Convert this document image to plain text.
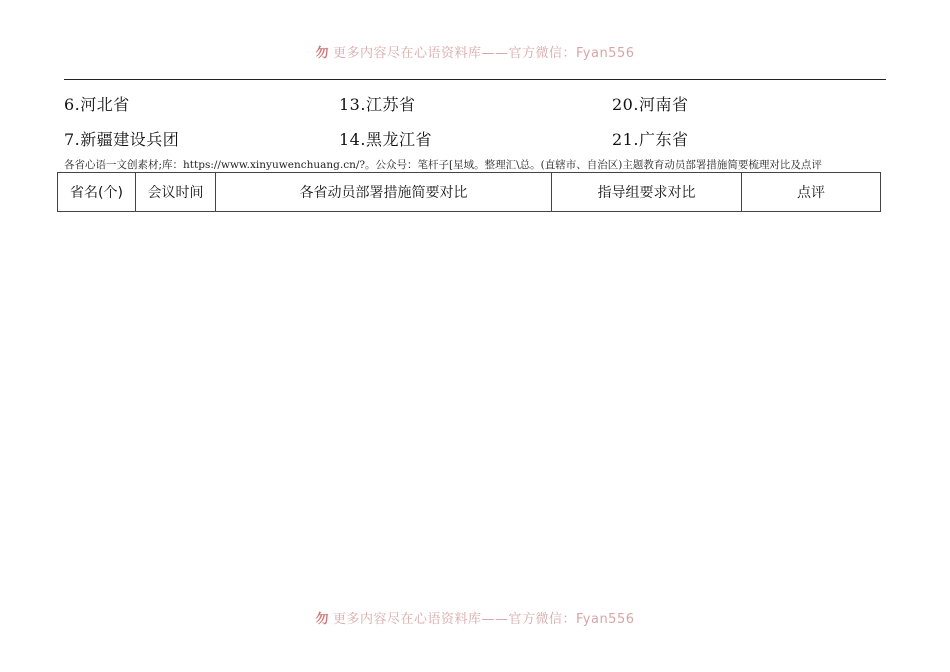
勿 更多内容尽在心语资料库——官方微信：Fyan556
6.河北省	13.江苏省	20.河南省
7.新疆建设兵团	14.黑龙江省	21.广东省
各省心语一文创素材;库：https://www.xinyuwenchuang.cn/?。公众号：笔杆子[星域。整理汇\总。(直辖市、自治区)主题教育动员部署措施简要梳理对比及点评
省名(个)	会议时间	各省动员部署措施简要对比	指导组要求对比	点评
勿 更多内容尽在心语资料库——官方微信：Fyan556
